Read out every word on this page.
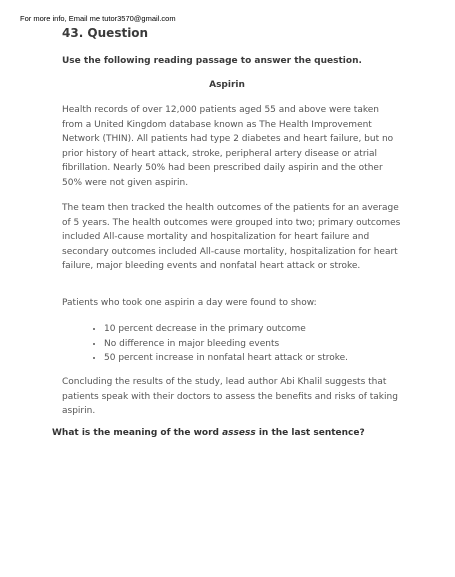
For more info, Email me tutor3570@gmail.com
43. Question
Use the following reading passage to answer the question.
Aspirin
Health records of over 12,000 patients aged 55 and above were taken from a United Kingdom database known as The Health Improvement Network (THIN). All patients had type 2 diabetes and heart failure, but no prior history of heart attack, stroke, peripheral artery disease or atrial fibrillation. Nearly 50% had been prescribed daily aspirin and the other 50% were not given aspirin.
The team then tracked the health outcomes of the patients for an average of 5 years. The health outcomes were grouped into two; primary outcomes included All-cause mortality and hospitalization for heart failure and secondary outcomes included All-cause mortality, hospitalization for heart failure, major bleeding events and nonfatal heart attack or stroke.
Patients who took one aspirin a day were found to show:
• 10 percent decrease in the primary outcome
• No difference in major bleeding events
• 50 percent increase in nonfatal heart attack or stroke.
Concluding the results of the study, lead author Abi Khalil suggests that patients speak with their doctors to assess the benefits and risks of taking aspirin.
What is the meaning of the word assess in the last sentence?
